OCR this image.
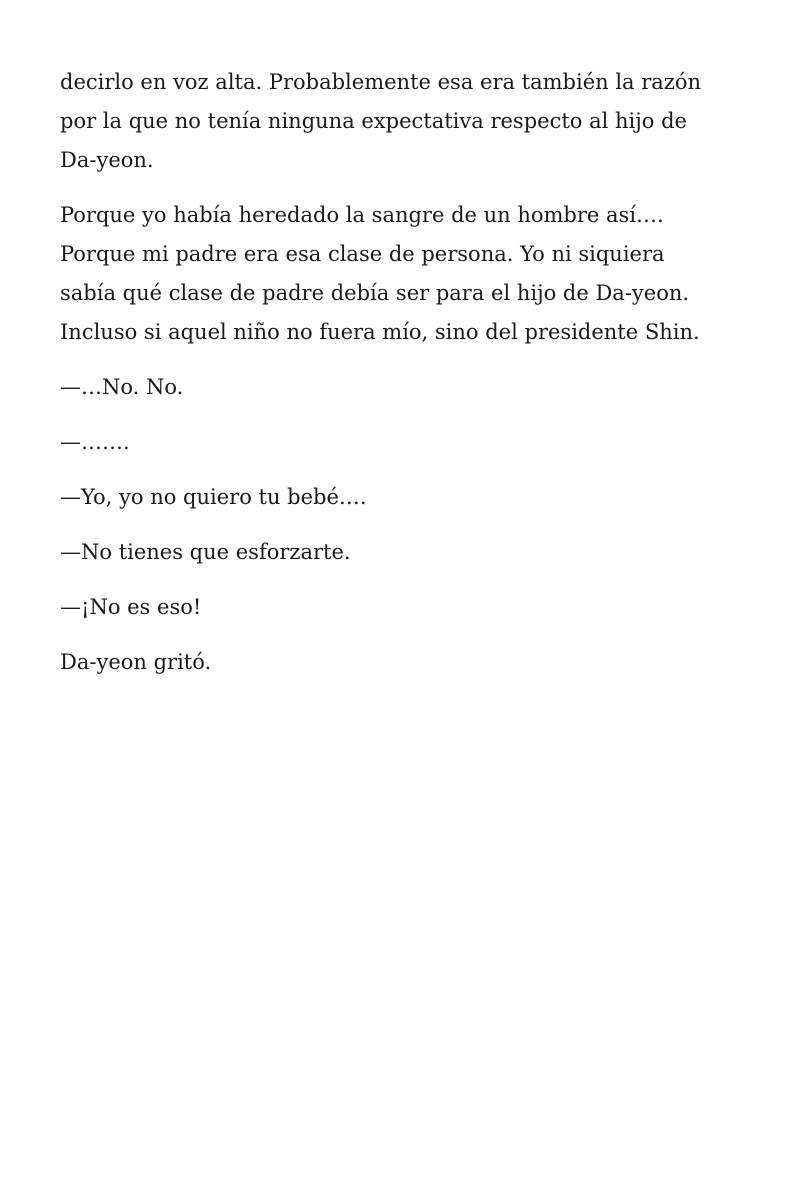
decirlo en voz alta. Probablemente esa era también la razón
por la que no tenía ninguna expectativa respecto al hijo de
Da-yeon.

Porque yo había heredado la sangre de un hombre así….
Porque mi padre era esa clase de persona. Yo ni siquiera
sabía qué clase de padre debía ser para el hijo de Da-yeon.
Incluso si aquel niño no fuera mío, sino del presidente Shin.

—…No. No.

—…….

—Yo, yo no quiero tu bebé….

—No tienes que esforzarte.

—¡No es eso!

Da-yeon gritó.
